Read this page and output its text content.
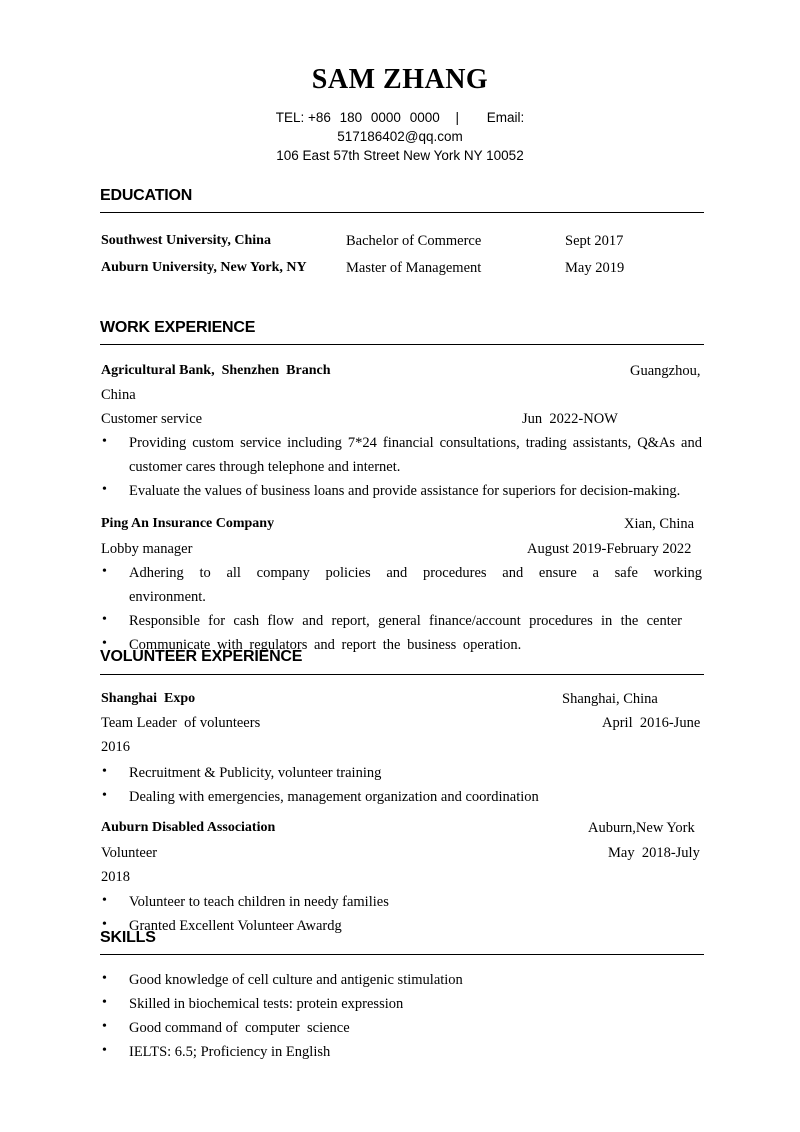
SAM ZHANG
TEL: +86 180 0000 0000 | Email:
517186402@qq.com
106 East 57th Street New York NY 10052
EDUCATION
Southwest University, China	Bachelor of Commerce	Sept 2017
Auburn University, New York, NY	Master of Management	May 2019
WORK EXPERIENCE
Agricultural Bank,  Shenzhen  Branch	Guangzhou,
China
Customer service	Jun  2022-NOW
• Providing custom service including 7*24 financial consultations, trading assistants, Q&As and
customer cares through telephone and internet.
• Evaluate the values of business loans and provide assistance for superiors for decision-making.
Ping An Insurance Company	Xian, China
Lobby manager	August 2019-February 2022
• Adhering to all company policies and procedures and ensure a safe working
environment.
• Responsible for cash flow and report, general finance/account procedures in the center
• Communicate with regulators and report the business operation.
VOLUNTEER EXPERIENCE
Shanghai  Expo	Shanghai, China
Team Leader  of volunteers	April  2016-June
2016
• Recruitment & Publicity, volunteer training
• Dealing with emergencies, management organization and coordination
Auburn Disabled Association	Auburn,New York
Volunteer	May  2018-July
2018
• Volunteer to teach children in needy families
• Granted Excellent Volunteer Awardg
SKILLS
• Good knowledge of cell culture and antigenic stimulation
• Skilled in biochemical tests: protein expression
• Good command of  computer  science
• IELTS: 6.5; Proficiency in English
